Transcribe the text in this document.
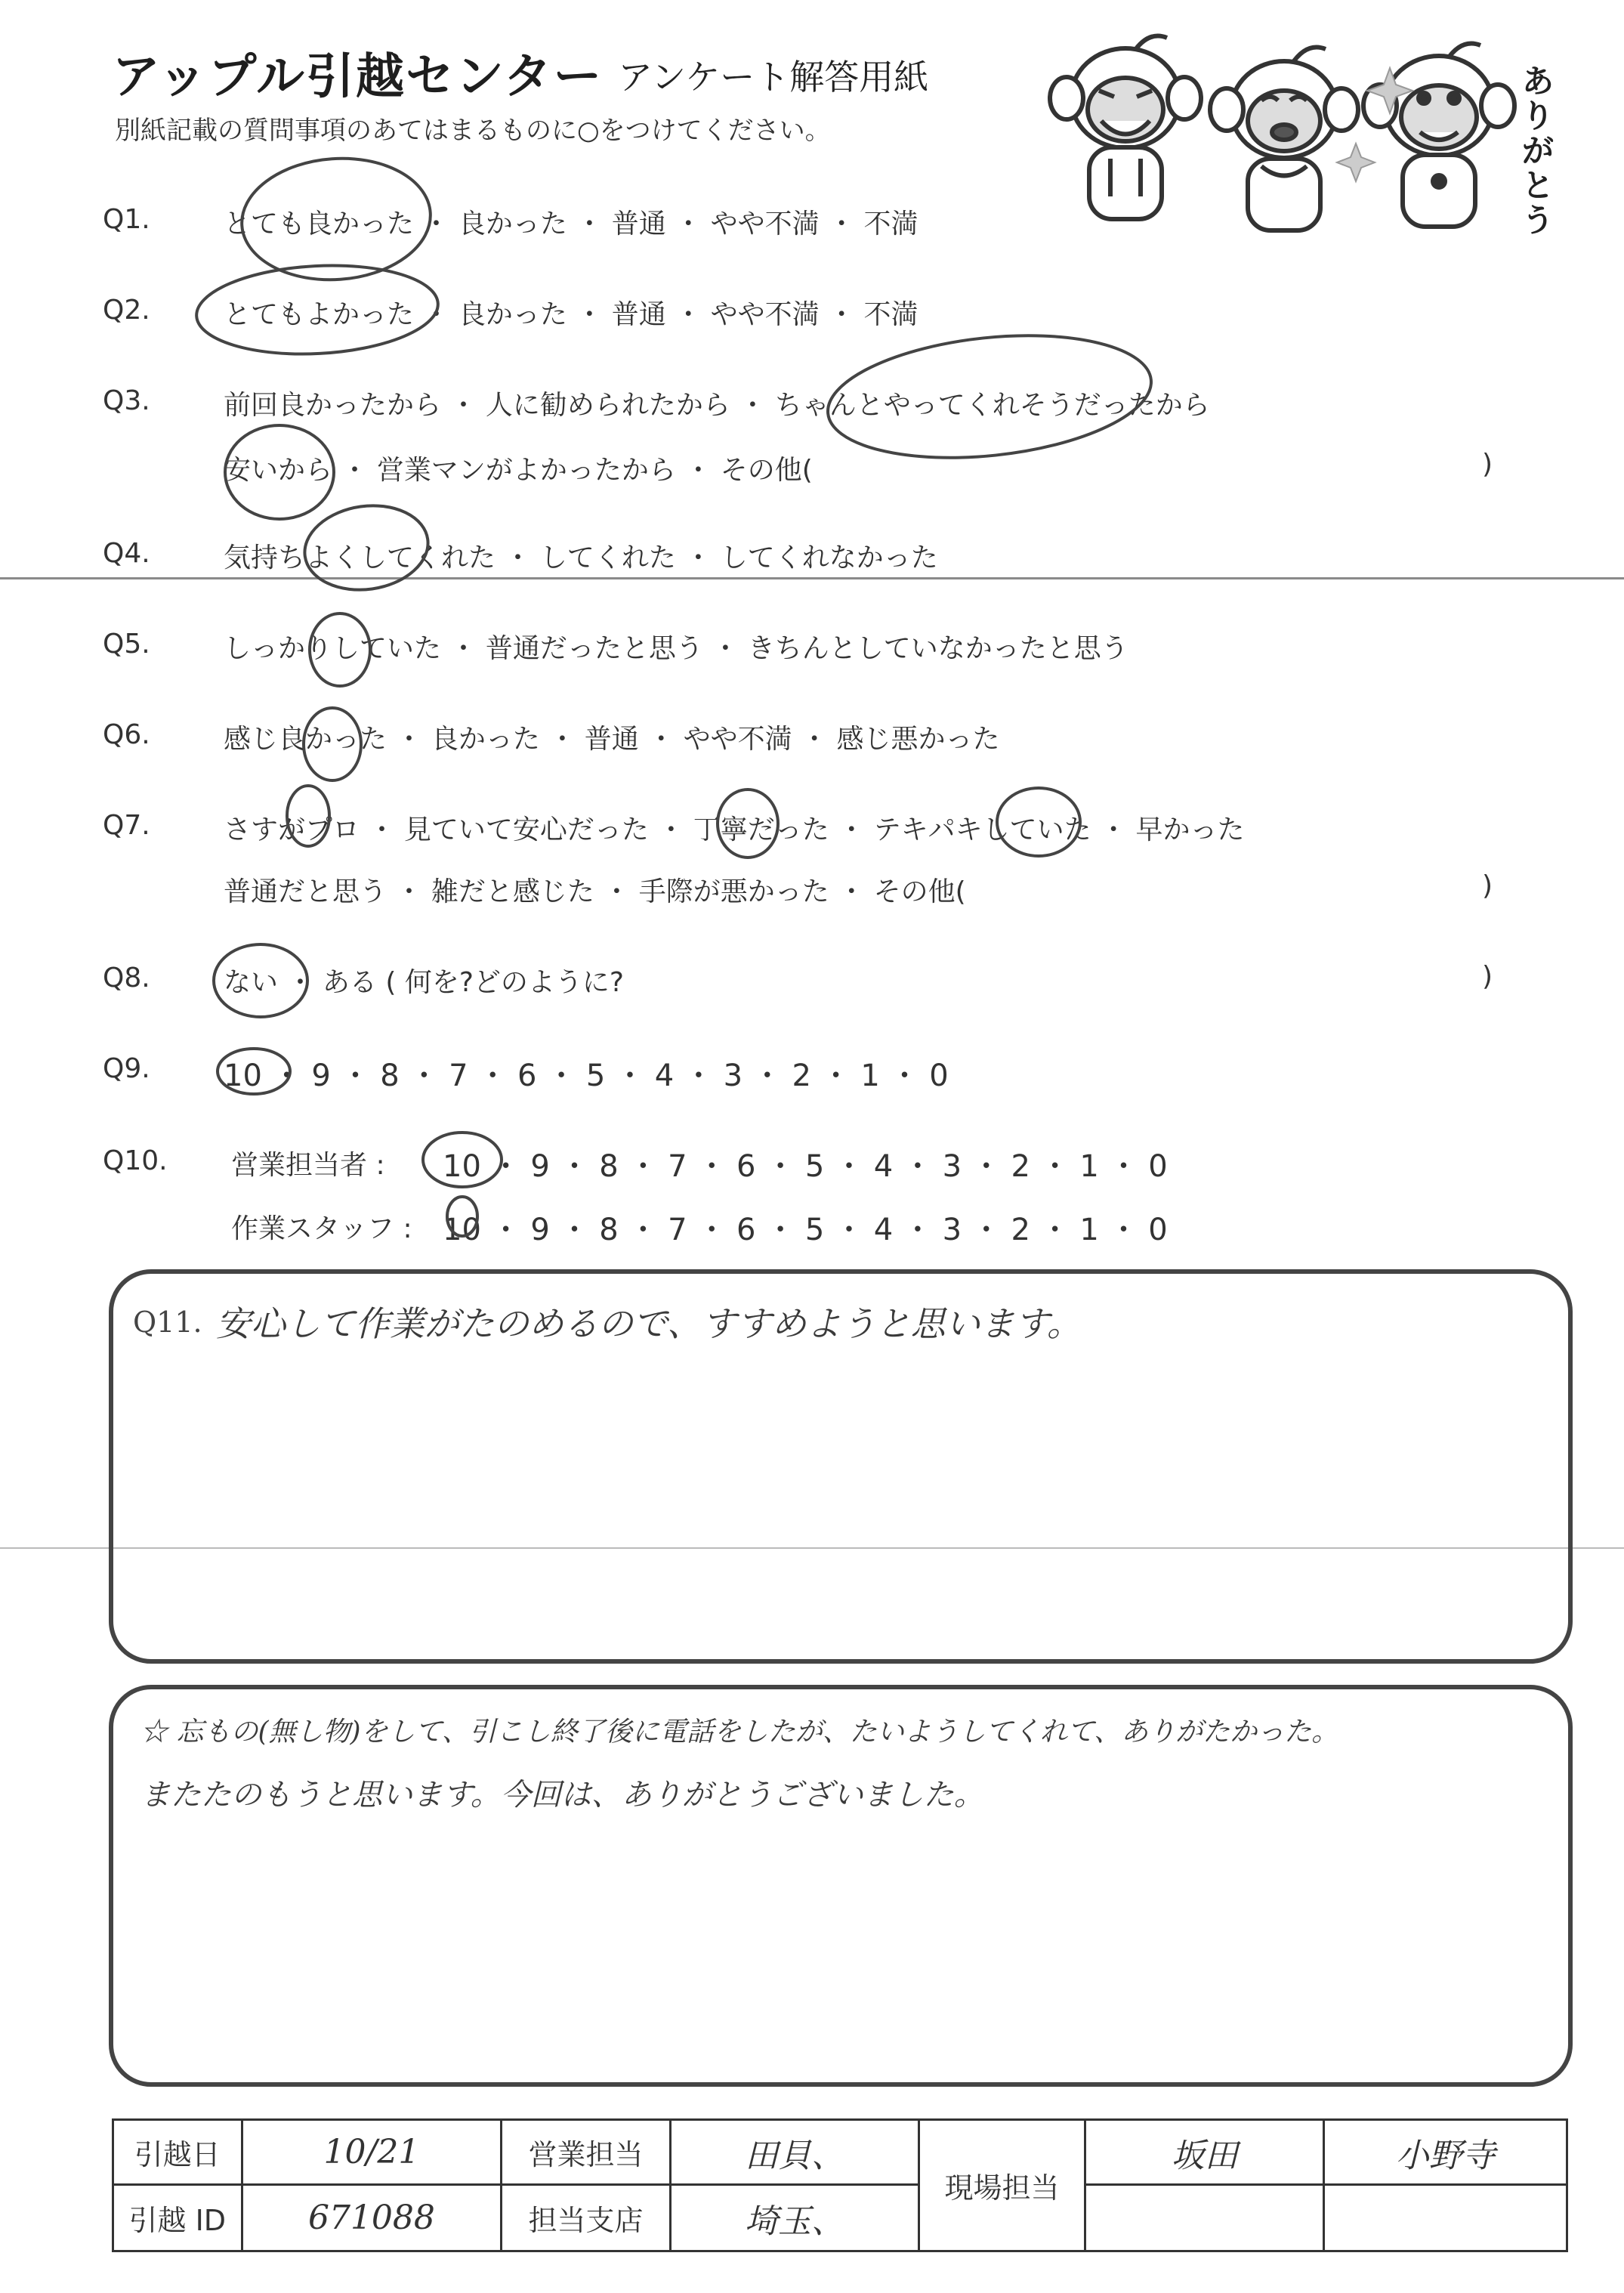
アップル引越センター アンケート解答用紙
別紙記載の質問事項のあてはまるものに○をつけてください。
ありがとう
Q1.	とても良かった ・ 良かった ・ 普通 ・ やや不満 ・ 不満
Q2.	とてもよかった ・ 良かった ・ 普通 ・ やや不満 ・ 不満
Q3.	前回良かったから ・ 人に勧められたから ・ ちゃんとやってくれそうだったから
安いから ・ 営業マンがよかったから ・ その他(	)
Q4.	気持ちよくしてくれた ・ してくれた ・ してくれなかった
Q5.	しっかりしていた ・ 普通だったと思う ・ きちんとしていなかったと思う
Q6.	感じ良かった ・ 良かった ・ 普通 ・ やや不満 ・ 感じ悪かった
Q7.	さすがプロ ・ 見ていて安心だった ・ 丁寧だった ・ テキパキしていた ・ 早かった
普通だと思う ・ 雑だと感じた ・ 手際が悪かった ・ その他(	)
Q8.	ない ・ ある ( 何を?どのように?	)
Q9. 10 ・ 9 ・ 8 ・ 7 ・ 6 ・ 5 ・ 4 ・ 3 ・ 2 ・ 1 ・ 0
Q10. 営業担当者 : 10 ・ 9 ・ 8 ・ 7 ・ 6 ・ 5 ・ 4 ・ 3 ・ 2 ・ 1 ・ 0
作業スタッフ : 10 ・ 9 ・ 8 ・ 7 ・ 6 ・ 5 ・ 4 ・ 3 ・ 2 ・ 1 ・ 0
Q11. 安心して作業がたのめるので、すすめようと思います。
☆ 忘もの(無し物)をして、引こし終了後に電話をしたが、たいようしてくれて、ありがたかった。
またたのもうと思います。今回は、ありがとうございました。
引越日	10/21	営業担当	田貝、	現場担当	坂田	小野寺
引越 ID	671088	担当支店	埼玉、			
